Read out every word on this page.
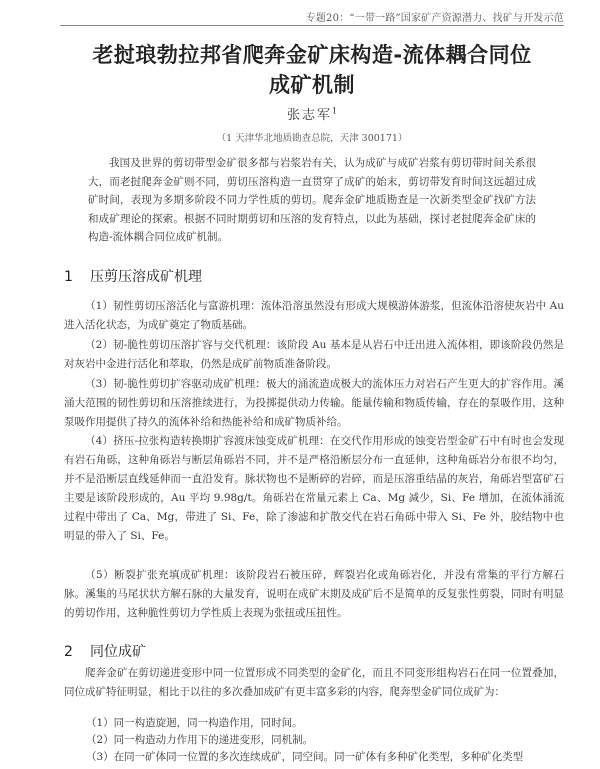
专题20：“一带一路”国家矿产资源潜力、找矿与开发示范
老挝琅勃拉邦省爬奔金矿床构造-流体耦合同位
成矿机制
张志军$^1$
（1 天津华北地质勘查总院，天津 300171）
我国及世界的剪切带型金矿很多都与岩浆岩有关，认为成矿与成矿岩浆有剪切带时间关系很大，而老挝爬奔金矿则不同，剪切压溶构造一直贯穿了成矿的始末，剪切带发育时间这远超过成矿时间，表现为多期多阶段不同力学性质的剪切。爬奔金矿地质勘查是一次新类型金矿找矿方法和成矿理论的探索。根据不同时期剪切和压溶的发育特点，以此为基础，探讨老挝爬奔金矿床的构造-流体耦合同位成矿机制。
1 压剪压溶成矿机理
（1）韧性剪切压溶活化与富游机理：流体沿溶虽然没有形成大规模游体游浆，但流体沿溶使灰岩中 Au 进入活化状态，为成矿奠定了物质基础。
（2）韧-脆性剪切压溶扩容与交代机理：该阶段 Au 基本是从岩石中迁出进入流体相，即该阶段仍然是对灰岩中金进行活化和萃取，仍然是成矿前物质准备阶段。
（3）韧-脆性剪切扩容驱动成矿机理：极大的涌流造成极大的流体压力对岩石产生更大的扩容作用。溪涌大范围的韧性剪切和压溶推续进行，为投掷提供动力传输。能量传输和物质传输，存在的泵吸作用，这种泵吸作用提供了持久的流体补给和热能补给和成矿物质补给。
（4）挤压-拉张构造转换期扩容渡床蚀变成矿机理：在交代作用形成的蚀变岩型金矿石中有时也会发现有岩石角砾，这种角砾岩与断层角砾岩不同，并不是严格沿断层分布一直延伸，这种角砾岩分布很不均匀，并不是沿断层直线延伸而一直沿发育。脉状物也不是断碎的岩碎，而是压溶重结晶的灰岩，角砾岩型富矿石主要是该阶段形成的，Au 平均 9.98g/t。角砾岩在常量元素上 Ca、Mg 减少，Si、Fe 增加，在流体涌流过程中带出了 Ca、Mg，带进了 Si、Fe，除了渗滤和扩散交代在岩石角砾中带入 Si、Fe 外，胶结物中也明显的带入了 Si、Fe。
（5）断裂扩张充填成矿机理：该阶段岩石被压碎，辉裂岩化或角砾岩化，并没有常集的平行方解石脉。溪集的马尾状状方解石脉的大量发育，说明在成矿末期及成矿后不是简单的反复张性剪裂，同时有明显的剪切作用，这种脆性剪切力学性质上表现为张扭或压扭性。
2 同位成矿
爬奔金矿在剪切递进变形中同一位置形成不同类型的金矿化，而且不同变形组构岩石在同一位置叠加，同位成矿特征明显，相比于以往的多次叠加成矿有更丰富多彩的内容，爬奔型金矿同位成矿为：
（1）同一构造旋迴，同一构造作用，同时间。
（2）同一构造动力作用下的递进变形，同机制。
（3）在同一矿体同一位置的多次连续成矿，同空间。同一矿体有多种矿化类型，多种矿化类型
